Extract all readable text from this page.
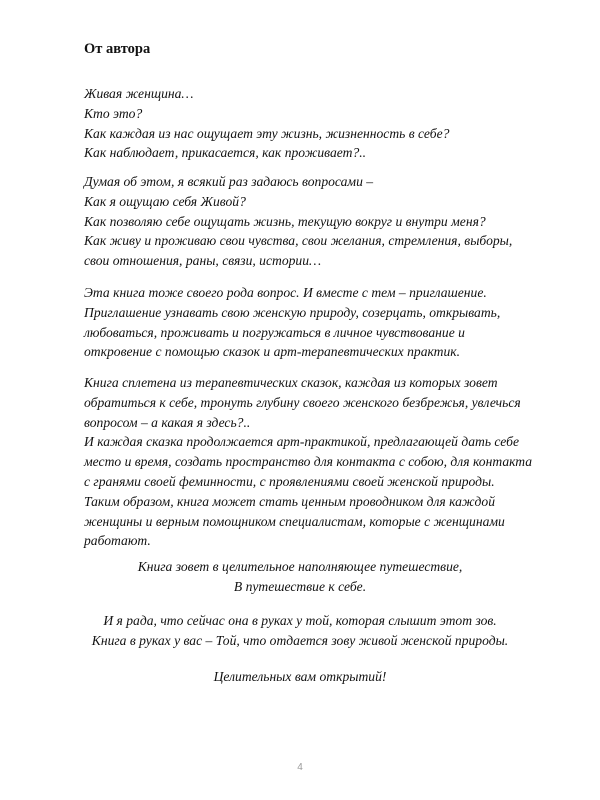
От автора
Живая женщина…
Кто это?
Как каждая из нас ощущает эту жизнь, жизненность в себе?
Как наблюдает, прикасается, как проживает?..
Думая об этом, я всякий раз задаюсь вопросами –
Как я ощущаю себя Живой?
Как позволяю себе ощущать жизнь, текущую вокруг и внутри меня?
Как живу и проживаю свои чувства, свои желания, стремления, выборы,
свои отношения, раны, связи, истории…
Эта книга тоже своего рода вопрос. И вместе с тем – приглашение.
Приглашение узнавать свою женскую природу, созерцать, открывать,
любоваться, проживать и погружаться в личное чувствование и
откровение с помощью сказок и арт-терапевтических практик.
Книга сплетена из терапевтических сказок, каждая из которых зовет
обратиться к себе, тронуть глубину своего женского безбрежья, увлечься
вопросом – а какая я здесь?..
И каждая сказка продолжается арт-практикой, предлагающей дать себе
место и время, создать пространство для контакта с собою, для контакта
с гранями своей феминности, с проявлениями своей женской природы.
Таким образом, книга может стать ценным проводником для каждой
женщины и верным помощником специалистам, которые с женщинами
работают.
Книга зовет в целительное наполняющее путешествие,
В путешествие к себе.
И я рада, что сейчас она в руках у той, которая слышит этот зов.
Книга в руках у вас – Той, что отдается зову живой женской природы.
Целительных вам открытий!
4
